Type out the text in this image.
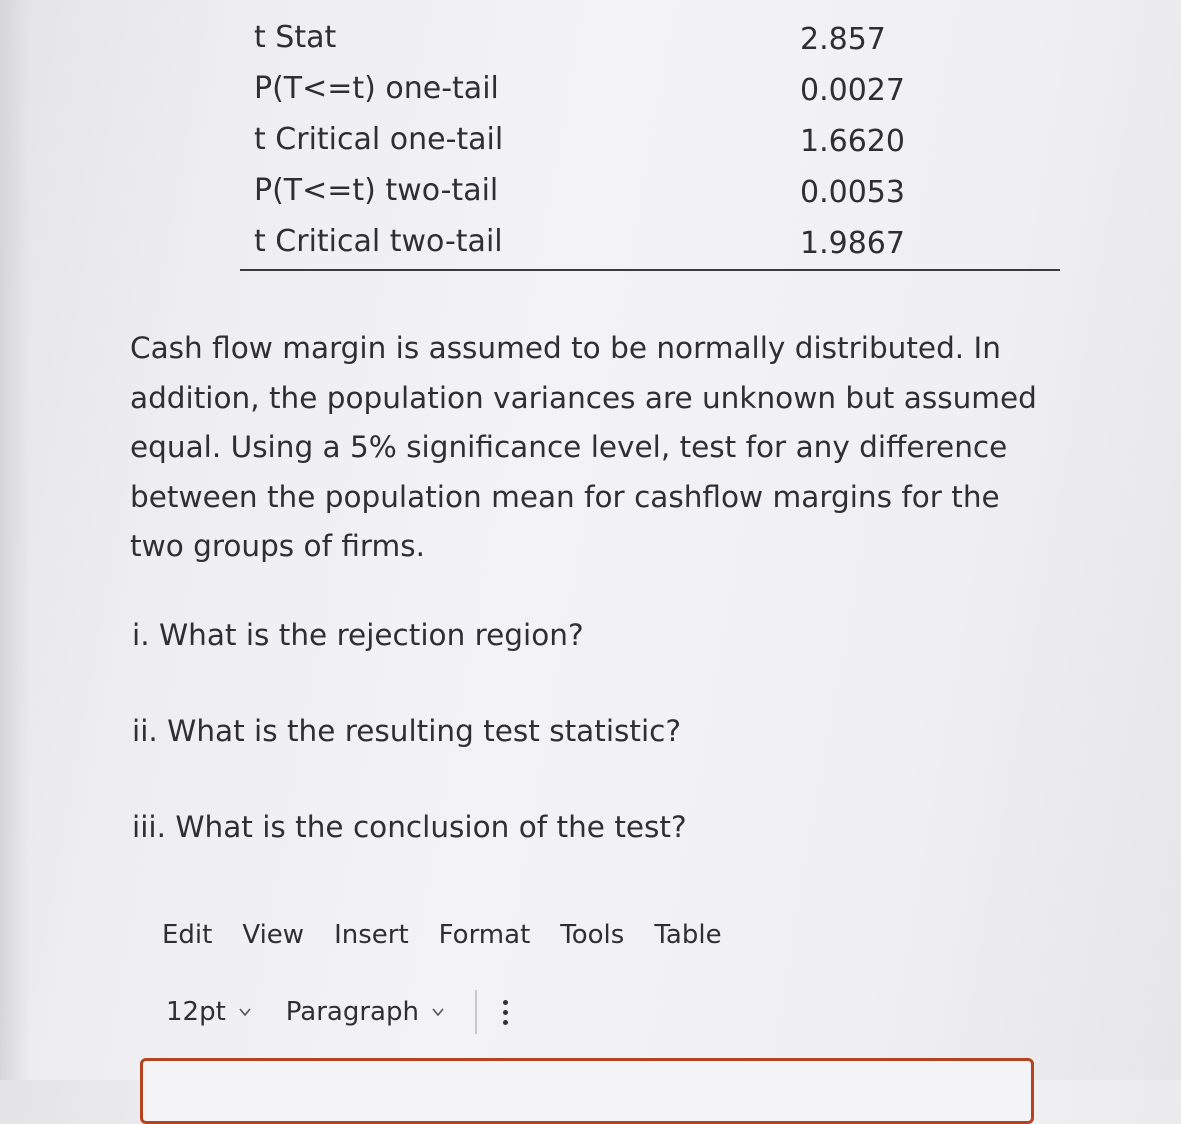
t Stat	2.857
P(T<=t) one-tail	0.0027
t Critical one-tail	1.6620
P(T<=t) two-tail	0.0053
t Critical two-tail	1.9867
Cash flow margin is assumed to be normally distributed. In addition, the population variances are unknown but assumed equal. Using a 5% significance level, test for any difference between the population mean for cashflow margins for the two groups of firms.
i. What is the rejection region?
ii. What is the resulting test statistic?
iii. What is the conclusion of the test?
Edit View Insert Format Tools Table
12pt Paragraph
